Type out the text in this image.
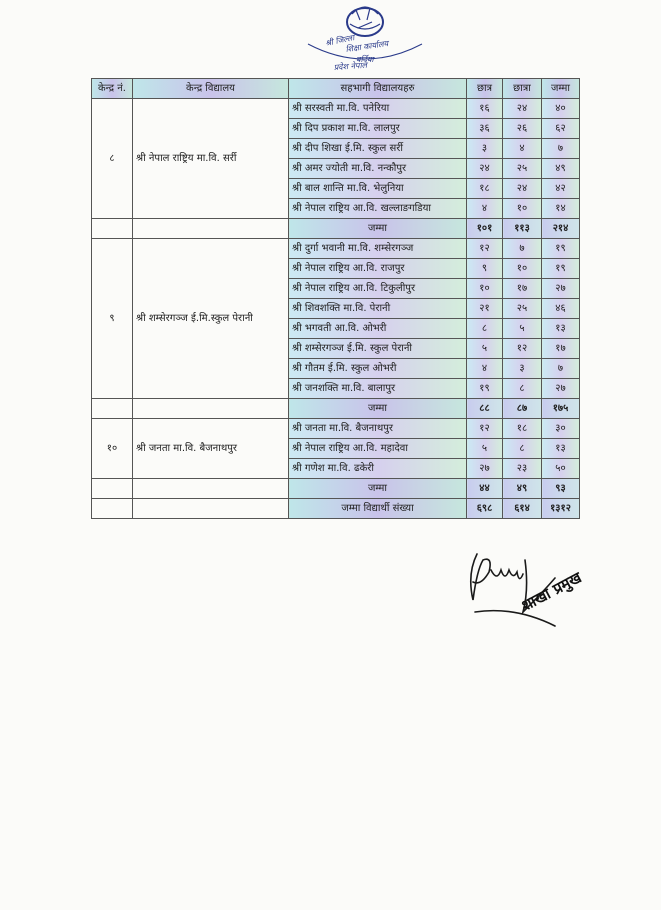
श्री जिल्ला
शिक्षा कार्यालय
बर्दिया
प्रदेश नेपाल
केन्द्र नं.	केन्द्र विद्यालय	सहभागी विद्यालयहरु	छात्र	छात्रा	जम्मा
८	श्री नेपाल राष्ट्रिय मा.वि. सर्री	श्री सरस्वती मा.वि. पनेरिया	१६	२४	४०
		श्री दिप प्रकाश मा.वि. लालपुर	३६	२६	६२
		श्री दीप शिखा ई.मि. स्कुल सर्री	३	४	७
		श्री अमर ज्योती मा.वि. नन्कौपुर	२४	२५	४९
		श्री बाल शान्ति मा.वि. भेलुनिया	१८	२४	४२
		श्री नेपाल राष्ट्रिय आ.वि. खल्लाङगडिया	४	१०	१४
		जम्मा	१०१	११३	२१४
९	श्री शम्सेरगञ्ज ई.मि.स्कुल पेरानी	श्री दुर्गा भवानी मा.वि. शम्सेरगञ्ज	१२	७	१९
		श्री नेपाल राष्ट्रिय आ.वि. राजपुर	९	१०	१९
		श्री नेपाल राष्ट्रिय आ.वि. टिकुलीपुर	१०	१७	२७
		श्री शिवशक्ति मा.वि. पेरानी	२१	२५	४६
		श्री भगवती आ.वि. ओभरी	८	५	१३
		श्री शम्सेरगञ्ज ई.मि. स्कुल पेरानी	५	१२	१७
		श्री गौतम ई.मि. स्कुल ओभरी	४	३	७
		श्री जनशक्ति मा.वि. बालापुर	१९	८	२७
		जम्मा	८८	८७	१७५
१०	श्री जनता मा.वि. बैजनाथपुर	श्री जनता मा.वि. बैजनाथपुर	१२	१८	३०
		श्री नेपाल राष्ट्रिय आ.वि. महादेवा	५	८	१३
		श्री गणेश मा.वि. ढकेरी	२७	२३	५०
		जम्मा	४४	४९	९३
		जम्मा विद्यार्थी संख्या	६९८	६१४	१३१२
शाखा प्रमुख
